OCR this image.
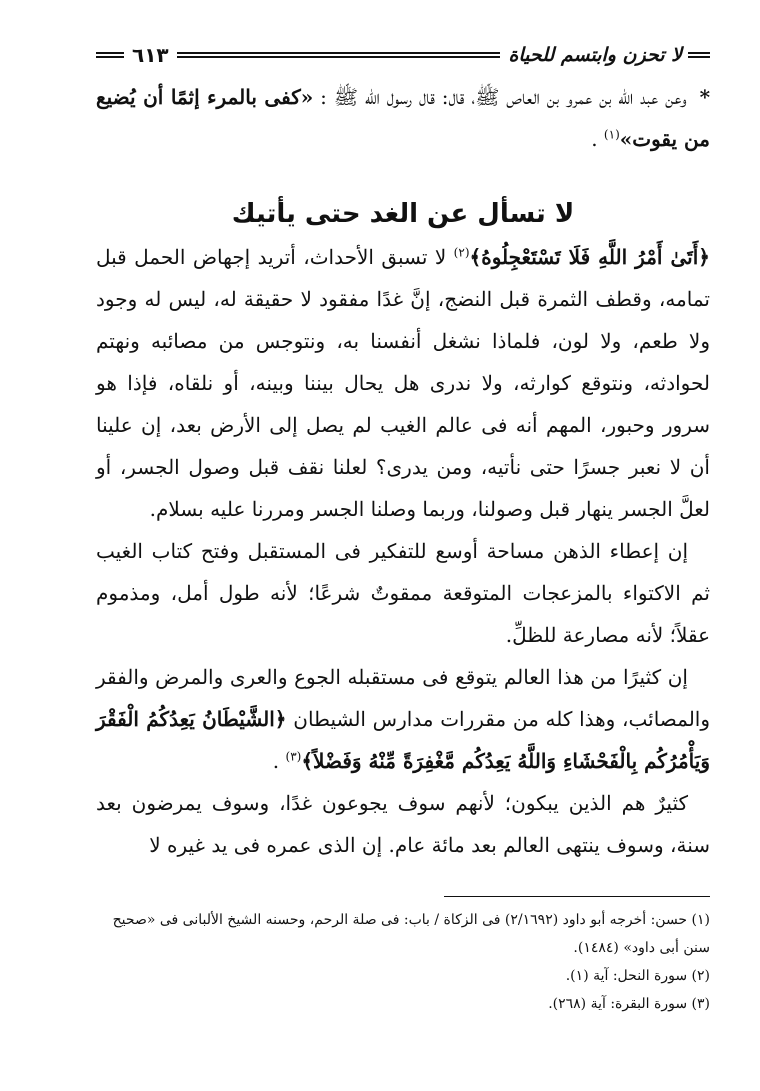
لا تحزن وابتسم للحياة
٦١٣
* وعن عبد الله بن عمرو بن العاص ﷺ، قال: قال رسول الله ﷺ : «كفى بالمرء إثمًا أن يُضيع من يقوت»$^{(١)}$ .
لا تسأل عن الغد حتى يأتيك

﴿أَتَىٰ أَمْرُ اللَّهِ فَلَا تَسْتَعْجِلُوهُ﴾$^{(٢)}$ لا تسبق الأحداث، أتريد إجهاض الحمل قبل تمامه، وقطف الثمرة قبل النضج، إنَّ غدًا مفقود لا حقيقة له، ليس له وجود ولا طعم، ولا لون، فلماذا نشغل أنفسنا به، ونتوجس من مصائبه ونهتم لحوادثه، ونتوقع كوارثه، ولا ندرى هل يحال بيننا وبينه، أو نلقاه، فإذا هو سرور وحبور، المهم أنه فى عالم الغيب لم يصل إلى الأرض بعد، إن علينا أن لا نعبر جسرًا حتى نأتيه، ومن يدرى؟ لعلنا نقف قبل وصول الجسر، أو لعلَّ الجسر ينهار قبل وصولنا، وربما وصلنا الجسر ومررنا عليه بسلام.

إن إعطاء الذهن مساحة أوسع للتفكير فى المستقبل وفتح كتاب الغيب ثم الاكتواء بالمزعجات المتوقعة ممقوتٌ شرعًا؛ لأنه طول أمل، ومذموم عقلاً؛ لأنه مصارعة للظلِّ.

إن كثيرًا من هذا العالم يتوقع فى مستقبله الجوع والعرى والمرض والفقر والمصائب، وهذا كله من مقررات مدارس الشيطان ﴿الشَّيْطَانُ يَعِدُكُمُ الْفَقْرَ وَيَأْمُرُكُم بِالْفَحْشَاءِ وَاللَّهُ يَعِدُكُم مَّغْفِرَةً مِّنْهُ وَفَضْلاً﴾$^{(٣)}$ .

كثيرٌ هم الذين يبكون؛ لأنهم سوف يجوعون غدًا، وسوف يمرضون بعد سنة، وسوف ينتهى العالم بعد مائة عام. إن الذى عمره فى يد غيره لا

(١) حسن: أخرجه أبو داود (٢/١٦٩٢) فى الزكاة / باب: فى صلة الرحم، وحسنه الشيخ الألبانى فى «صحيح سنن أبى داود» (١٤٨٤).

(٢) سورة النحل: آية (١).

(٣) سورة البقرة: آية (٢٦٨).
